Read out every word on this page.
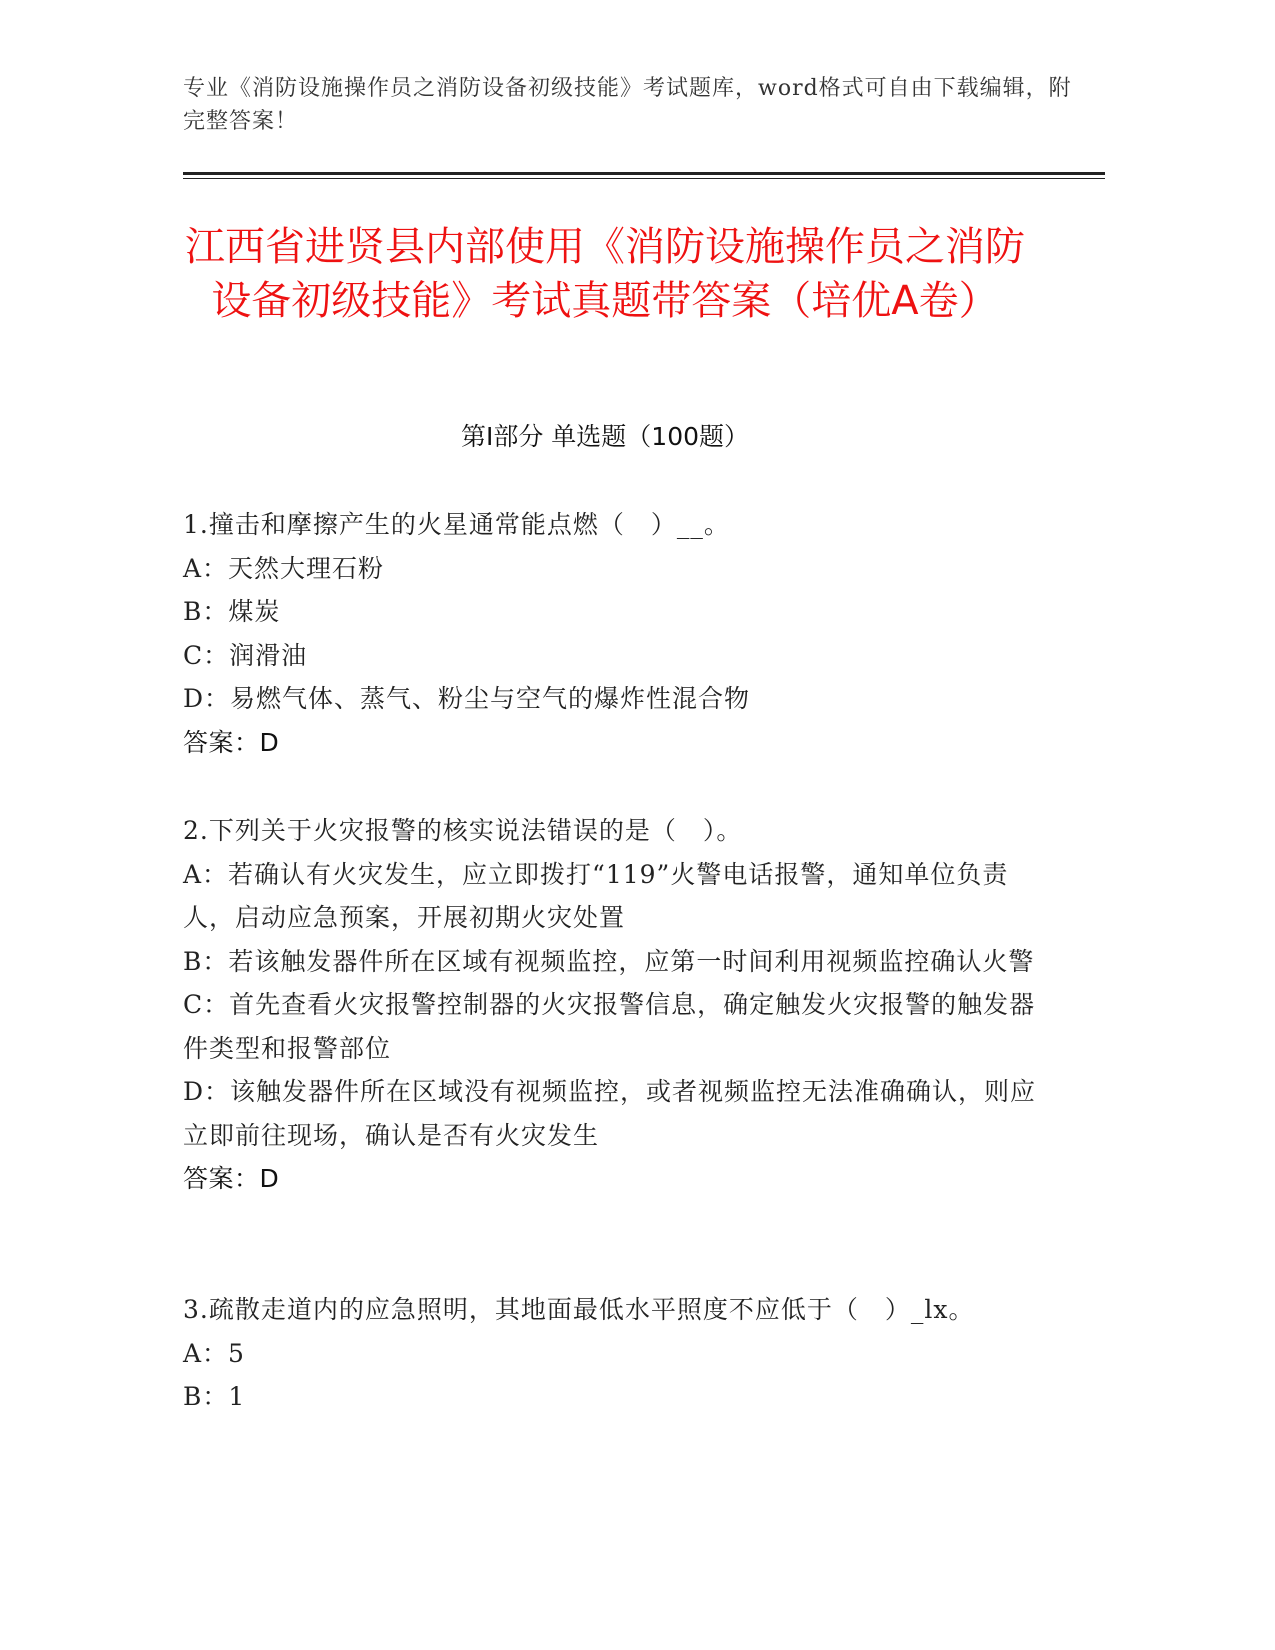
专业《消防设施操作员之消防设备初级技能》考试题库，word格式可自由下载编辑，附完整答案！
江西省进贤县内部使用《消防设施操作员之消防设备初级技能》考试真题带答案（培优A卷）
第I部分 单选题（100题）
1.撞击和摩擦产生的火星通常能点燃（　）__。
A：天然大理石粉
B：煤炭
C：润滑油
D：易燃气体、蒸气、粉尘与空气的爆炸性混合物
答案：D
2.下列关于火灾报警的核实说法错误的是（　）。
A：若确认有火灾发生，应立即拨打“119”火警电话报警，通知单位负责人，启动应急预案，开展初期火灾处置
B：若该触发器件所在区域有视频监控，应第一时间利用视频监控确认火警
C：首先查看火灾报警控制器的火灾报警信息，确定触发火灾报警的触发器件类型和报警部位
D：该触发器件所在区域没有视频监控，或者视频监控无法准确确认，则应立即前往现场，确认是否有火灾发生
答案：D
3.疏散走道内的应急照明，其地面最低水平照度不应低于（　）_lx。
A：5
B：1
